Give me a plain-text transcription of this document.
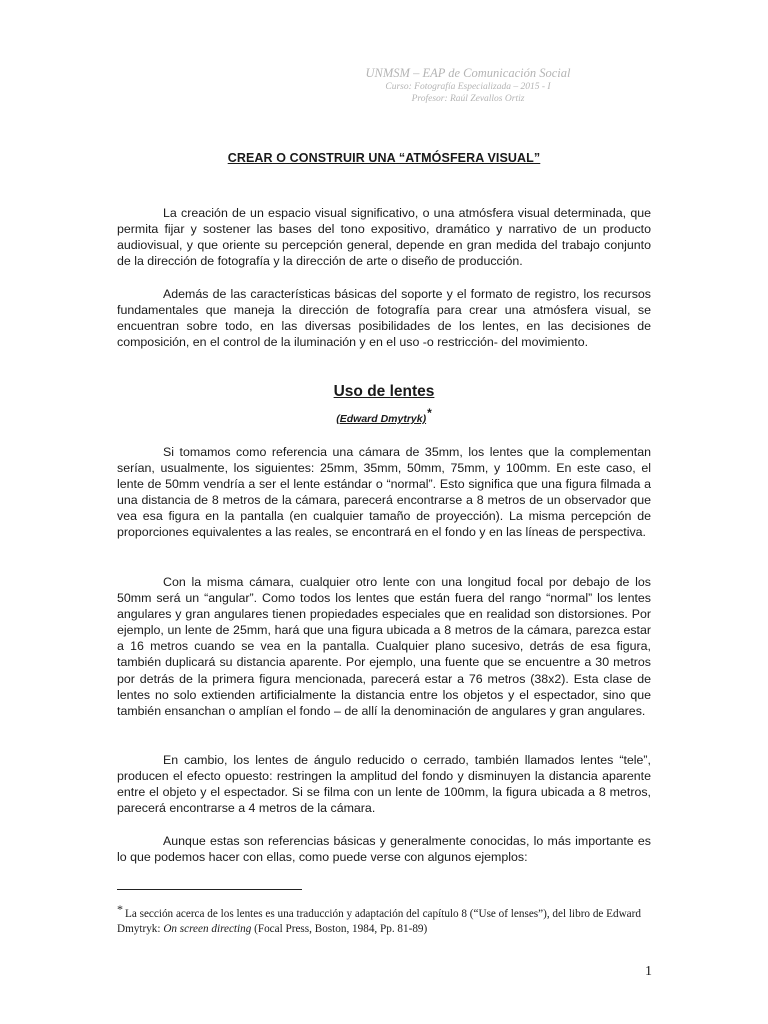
UNMSM – EAP de Comunicación Social
Curso: Fotografía Especializada – 2015 - I
Profesor: Raúl Zevallos Ortiz
CREAR O CONSTRUIR UNA “ATMÓSFERA VISUAL”

La creación de un espacio visual significativo, o una atmósfera visual determinada, que permita fijar y sostener las bases del tono expositivo, dramático y narrativo de un producto audiovisual, y que oriente su percepción general, depende en gran medida del trabajo conjunto de la dirección de fotografía y la dirección de arte o diseño de producción.

Además de las características básicas del soporte y el formato de registro, los recursos fundamentales que maneja la dirección de fotografía para crear una atmósfera visual, se encuentran sobre todo, en las diversas posibilidades de los lentes, en las decisiones de composición, en el control de la iluminación y en el uso -o restricción- del movimiento.

Uso de lentes
(Edward Dmytryk)*

Si tomamos como referencia una cámara de 35mm, los lentes que la complementan serían, usualmente, los siguientes: 25mm, 35mm, 50mm, 75mm, y 100mm. En este caso, el lente de 50mm vendría a ser el lente estándar o “normal”. Esto significa que una figura filmada a una distancia de 8 metros de la cámara, parecerá encontrarse a 8 metros de un observador que vea esa figura en la pantalla (en cualquier tamaño de proyección). La misma percepción de proporciones equivalentes a las reales, se encontrará en el fondo y en las líneas de perspectiva.

Con la misma cámara, cualquier otro lente con una longitud focal por debajo de los 50mm será un “angular”. Como todos los lentes que están fuera del rango “normal” los lentes angulares y gran angulares tienen propiedades especiales que en realidad son distorsiones. Por ejemplo, un lente de 25mm, hará que una figura ubicada a 8 metros de la cámara, parezca estar a 16 metros cuando se vea en la pantalla. Cualquier plano sucesivo, detrás de esa figura, también duplicará su distancia aparente. Por ejemplo, una fuente que se encuentre a 30 metros por detrás de la primera figura mencionada, parecerá estar a 76 metros (38x2). Esta clase de lentes no solo extienden artificialmente la distancia entre los objetos y el espectador, sino que también ensanchan o amplían el fondo – de allí la denominación de angulares y gran angulares.

En cambio, los lentes de ángulo reducido o cerrado, también llamados lentes “tele”, producen el efecto opuesto: restringen la amplitud del fondo y disminuyen la distancia aparente entre el objeto y el espectador. Si se filma con un lente de 100mm, la figura ubicada a 8 metros, parecerá encontrarse a 4 metros de la cámara.

Aunque estas son referencias básicas y generalmente conocidas, lo más importante es lo que podemos hacer con ellas, como puede verse con algunos ejemplos:

* La sección acerca de los lentes es una traducción y adaptación del capítulo 8 (“Use of lenses”), del libro de Edward Dmytryk: On screen directing (Focal Press, Boston, 1984, Pp. 81-89)
1
